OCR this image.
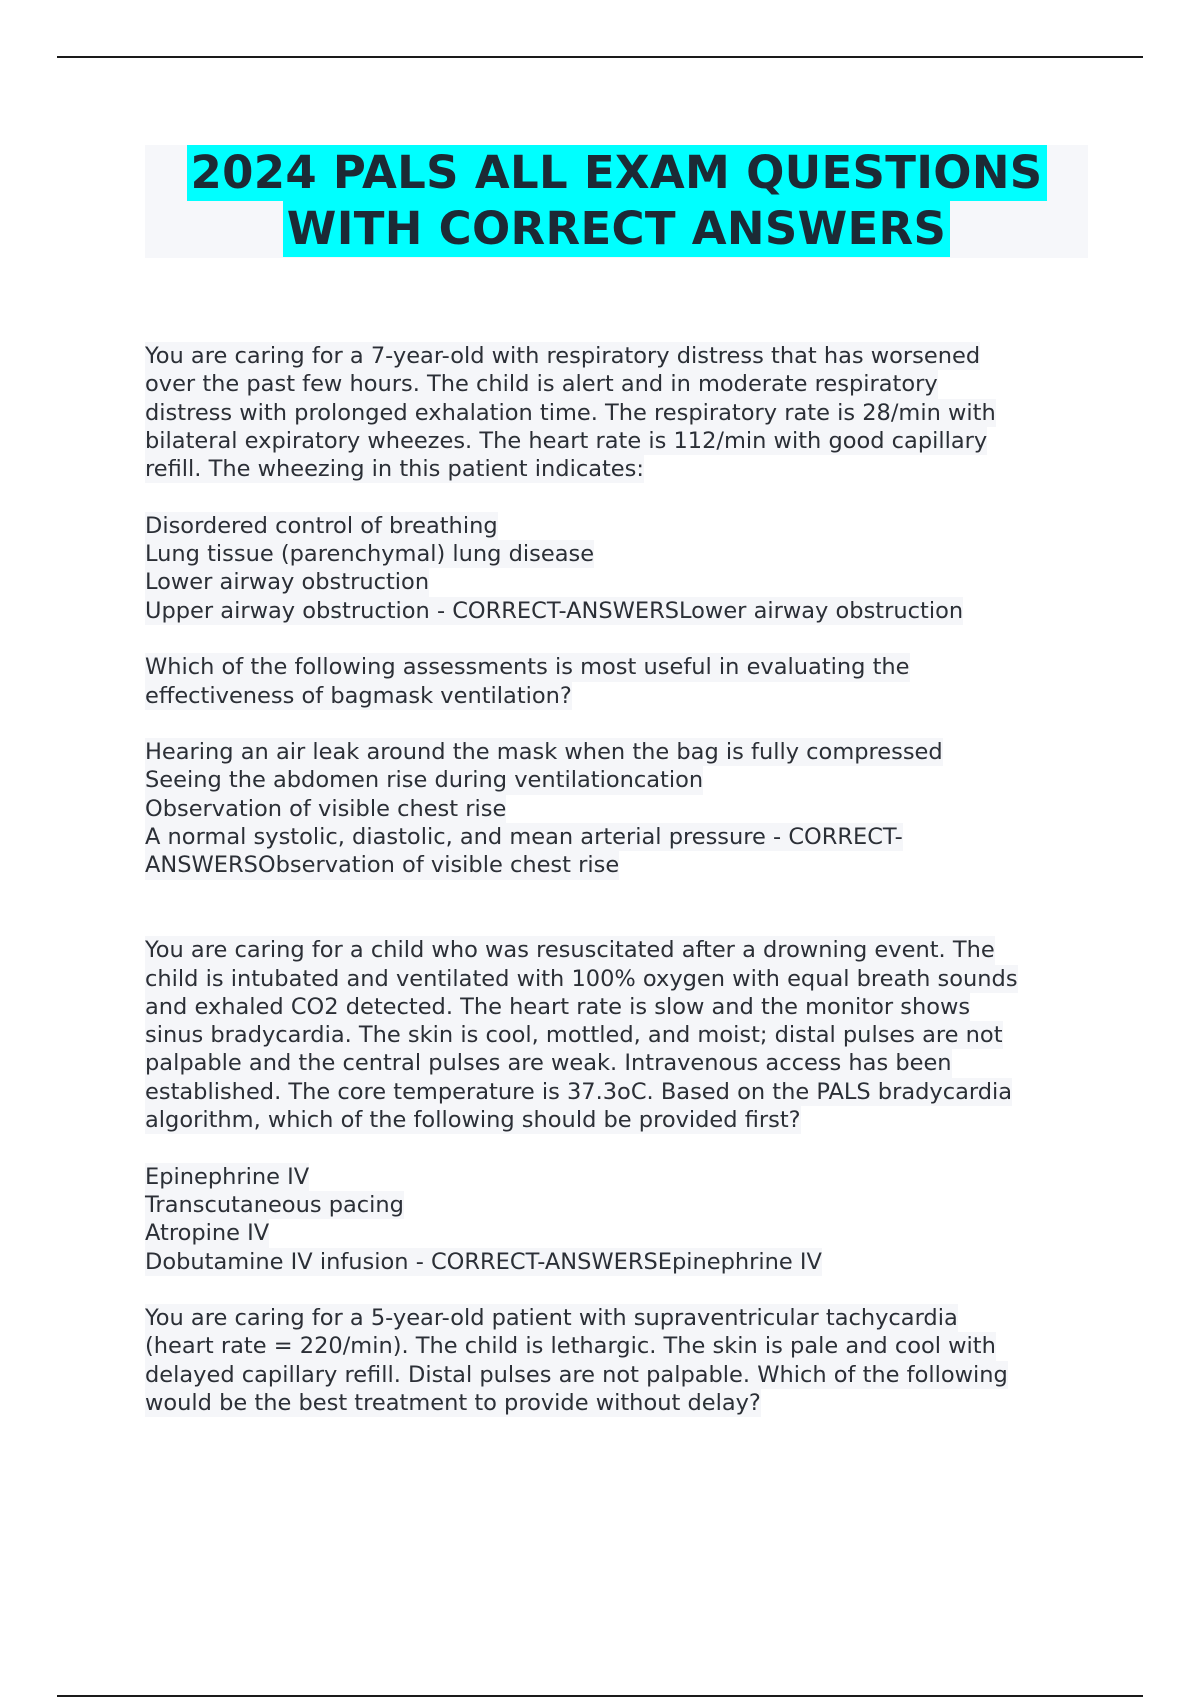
2024 PALS ALL EXAM QUESTIONS
WITH CORRECT ANSWERS
You are caring for a 7-year-old with respiratory distress that has worsened
over the past few hours. The child is alert and in moderate respiratory
distress with prolonged exhalation time. The respiratory rate is 28/min with
bilateral expiratory wheezes. The heart rate is 112/min with good capillary
refill. The wheezing in this patient indicates:
Disordered control of breathing
Lung tissue (parenchymal) lung disease
Lower airway obstruction
Upper airway obstruction - CORRECT-ANSWERSLower airway obstruction
Which of the following assessments is most useful in evaluating the
effectiveness of bagmask ventilation?
Hearing an air leak around the mask when the bag is fully compressed
Seeing the abdomen rise during ventilationcation
Observation of visible chest rise
A normal systolic, diastolic, and mean arterial pressure - CORRECT-
ANSWERSObservation of visible chest rise
You are caring for a child who was resuscitated after a drowning event. The
child is intubated and ventilated with 100% oxygen with equal breath sounds
and exhaled CO2 detected. The heart rate is slow and the monitor shows
sinus bradycardia. The skin is cool, mottled, and moist; distal pulses are not
palpable and the central pulses are weak. Intravenous access has been
established. The core temperature is 37.3oC. Based on the PALS bradycardia
algorithm, which of the following should be provided first?
Epinephrine IV
Transcutaneous pacing
Atropine IV
Dobutamine IV infusion - CORRECT-ANSWERSEpinephrine IV
You are caring for a 5-year-old patient with supraventricular tachycardia
(heart rate = 220/min). The child is lethargic. The skin is pale and cool with
delayed capillary refill. Distal pulses are not palpable. Which of the following
would be the best treatment to provide without delay?
